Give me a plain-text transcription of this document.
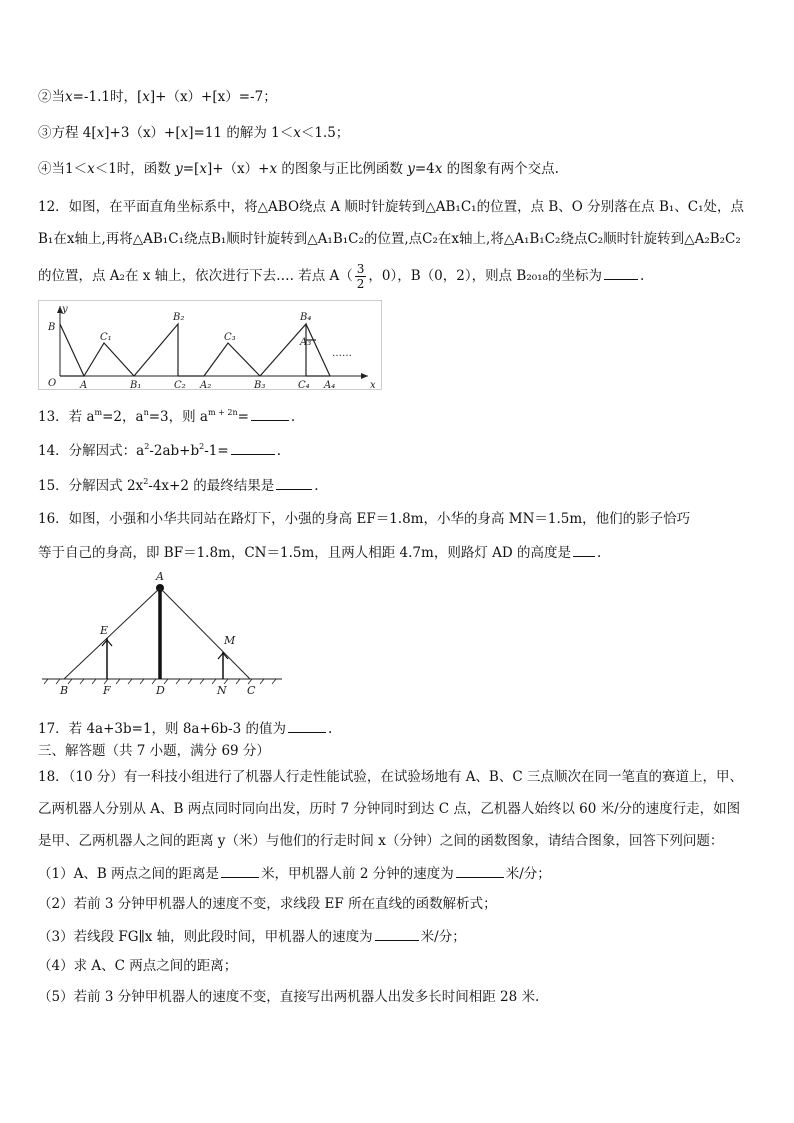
②当x=-1.1时，[x]+（x）+[x）=-7；
③方程 4[x]+3（x）+[x]=11 的解为 1＜x＜1.5；
④当1＜x＜1时，函数 y=[x]+（x）+x 的图象与正比例函数 y=4x 的图象有两个交点.
12．如图，在平面直角坐标系中，将△ABO绕点 A 顺时针旋转到△AB₁C₁的位置，点 B、O 分别落在点 B₁、C₁处，点
B₁在x轴上,再将△AB₁C₁绕点B₁顺时针旋转到△A₁B₁C₂的位置,点C₂在x轴上,将△A₁B₁C₂绕点C₂顺时针旋转到△A₂B₂C₂
的位置，点 A₂在 x 轴上，依次进行下去…. 若点 $A( \frac{3}{2}$ ，0），B（0，2），则点 B₂₀₁₈的坐标为	.
y
B
O A
C₁
B₁
B₂
C₂ A₂
C₃
B₃
B₄
A₃
C₄ A₄	x
……
13．若 $a^m=2$，$a^n=3$，则 $a^{m + 2n}=$	.
14．分解因式：$a^2-2ab+b^2-1=$	.
15．分解因式 $2x^2-4x+2$ 的最终结果是	.
16．如图，小强和小华共同站在路灯下，小强的身高 EF＝1.8m，小华的身高 MN＝1.5m，他们的影子恰巧
等于自己的身高，即 BF＝1.8m，CN＝1.5m，且两人相距 4.7m，则路灯 AD 的高度是 .
A
E
M
B	F	D	N C
17．若 4a+3b=1，则 8a+6b-3 的值为	.
三、解答题（共 7 小题，满分 69 分）
18．（10 分）有一科技小组进行了机器人行走性能试验，在试验场地有 A、B、C 三点顺次在同一笔直的赛道上，甲、
乙两机器人分别从 A、B 两点同时同向出发，历时 7 分钟同时到达 C 点，乙机器人始终以 60 米/分的速度行走，如图
是甲、乙两机器人之间的距离 y（米）与他们的行走时间 x（分钟）之间的函数图象，请结合图象，回答下列问题：
（1）A、B 两点之间的距离是	米，甲机器人前 2 分钟的速度为	米/分；
（2）若前 3 分钟甲机器人的速度不变，求线段 EF 所在直线的函数解析式；
（3）若线段 FG∥x 轴，则此段时间，甲机器人的速度为	米/分；
（4）求 A、C 两点之间的距离；
（5）若前 3 分钟甲机器人的速度不变，直接写出两机器人出发多长时间相距 28 米.
